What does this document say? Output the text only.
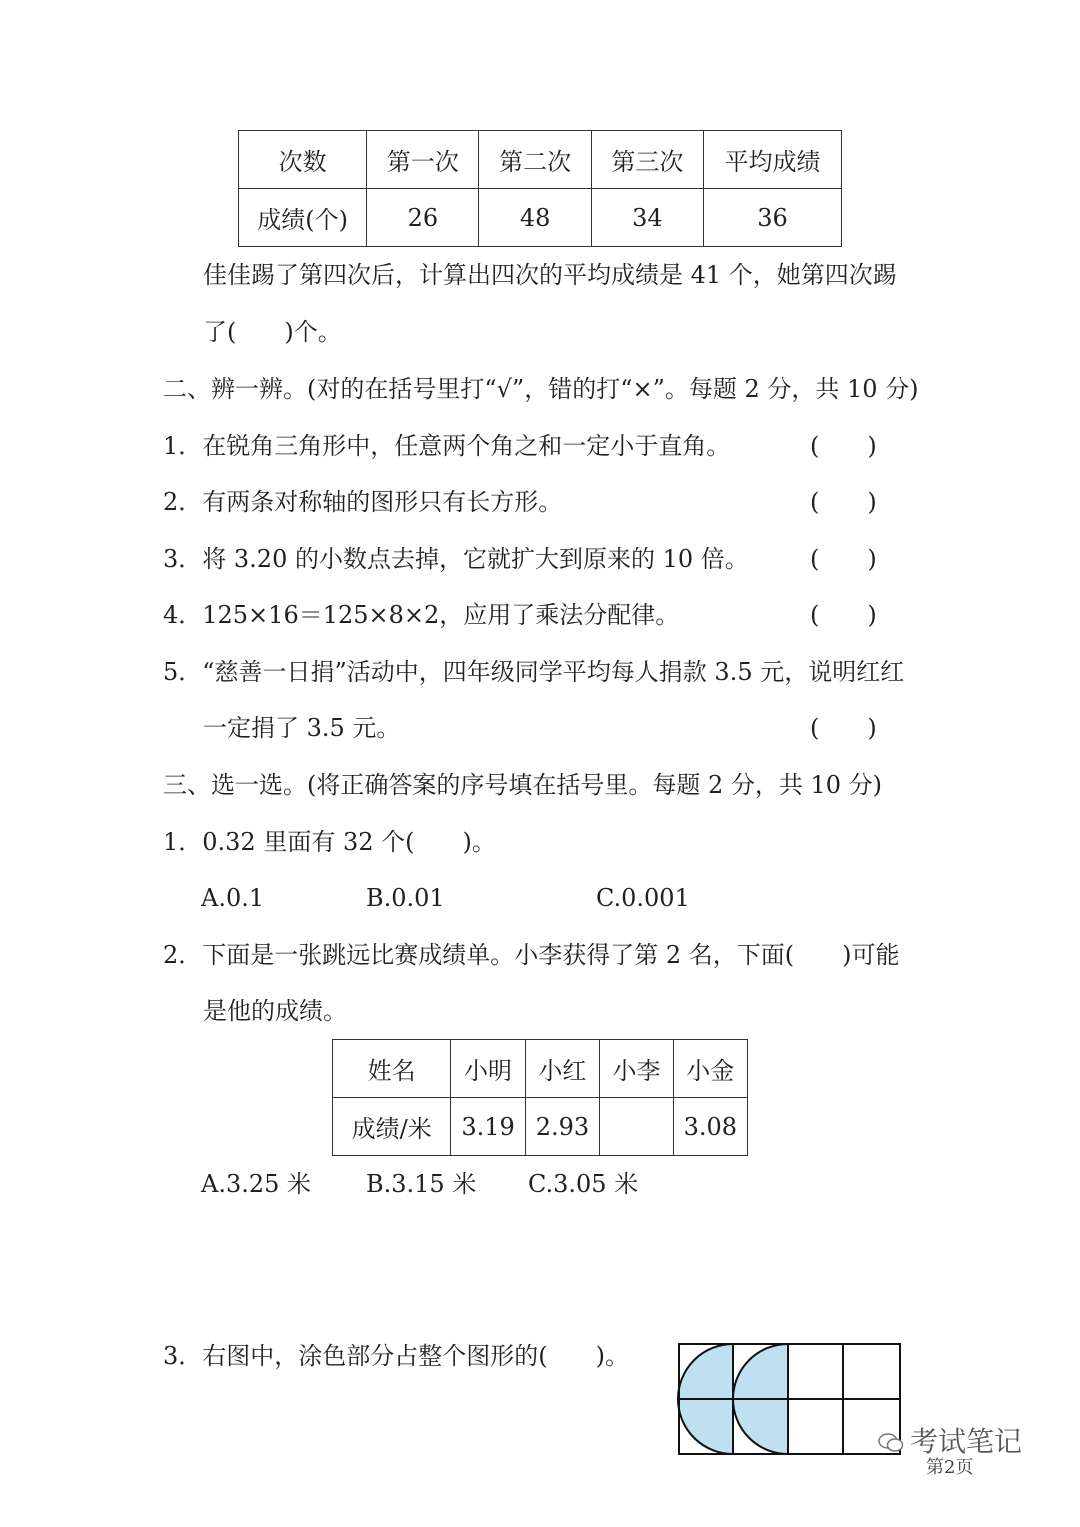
次数	第一次	第二次	第三次	平均成绩
成绩(个)	26	48	34	36
佳佳踢了第四次后，计算出四次的平均成绩是 41 个，她第四次踢
了(　　)个。
二、辨一辨。(对的在括号里打“√”，错的打“×”。每题 2 分，共 10 分)
1．在锐角三角形中，任意两个角之和一定小于直角。	(　　)
2．有两条对称轴的图形只有长方形。	(　　)
3．将 3.20 的小数点去掉，它就扩大到原来的 10 倍。	(　　)
4．125×16＝125×8×2，应用了乘法分配律。	(　　)
5．“慈善一日捐”活动中，四年级同学平均每人捐款 3.5 元，说明红红
一定捐了 3.5 元。	(　　)
三、选一选。(将正确答案的序号填在括号里。每题 2 分，共 10 分)
1．0.32 里面有 32 个(　　)。
A.0.1	B.0.01	C.0.001
2．下面是一张跳远比赛成绩单。小李获得了第 2 名，下面(　　)可能
是他的成绩。
姓名	小明	小红	小李	小金
成绩/米	3.19	2.93		3.08
A.3.25 米 B.3.15 米 C.3.05 米
3．右图中，涂色部分占整个图形的(　　)。
考试笔记
第2页
